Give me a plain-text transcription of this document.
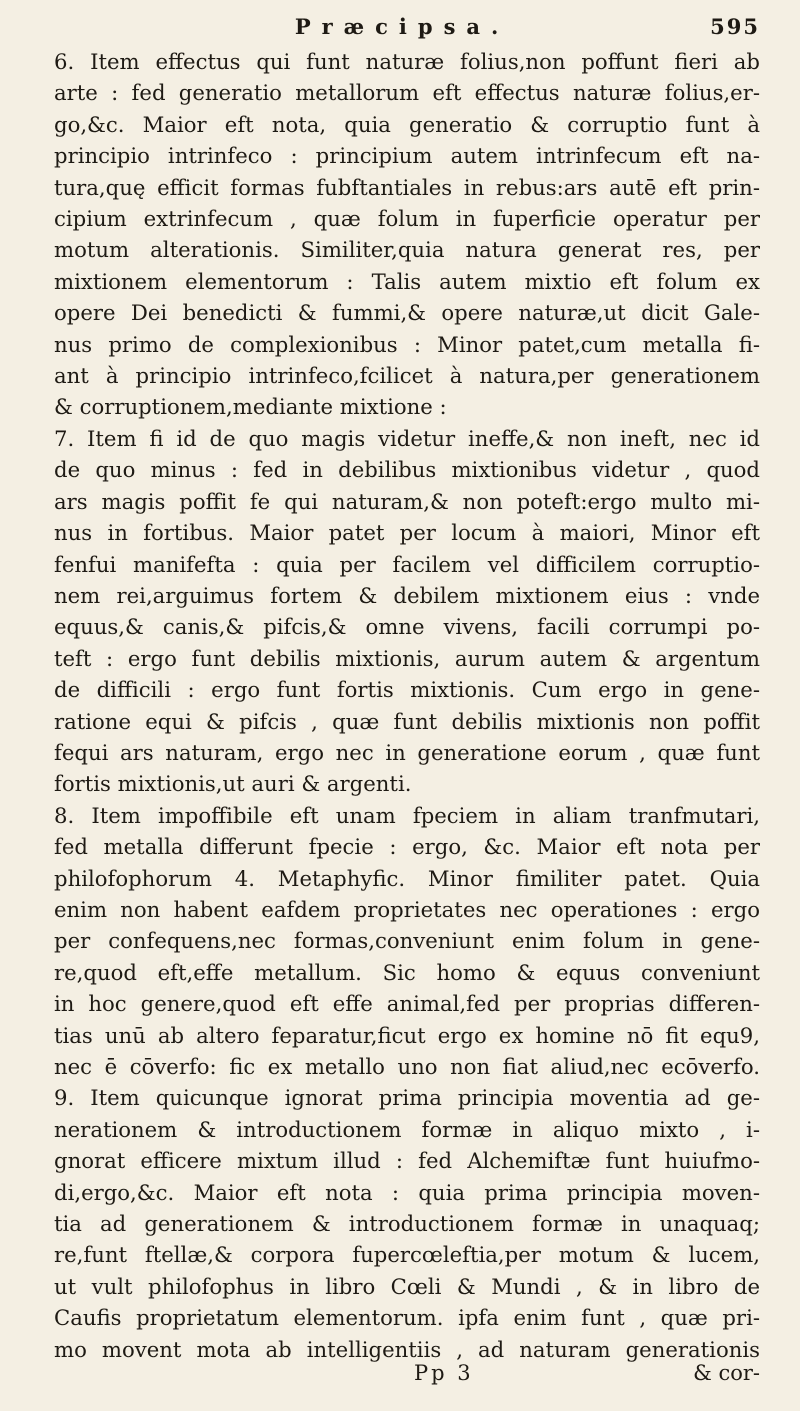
Præcipsa.	595
6. Item effectus qui funt naturæ folius,non poffunt fieri ab
arte : fed generatio metallorum eft effectus naturæ folius,er-
go,&c. Maior eft nota, quia generatio & corruptio funt à
principio intrinfeco : principium autem intrinfecum eft na-
tura,quę efficit formas fubftantiales in rebus:ars autē eft prin-
cipium extrinfecum , quæ folum in fuperficie operatur per
motum alterationis. Similiter,quia natura generat res, per
mixtionem elementorum : Talis autem mixtio eft folum ex
opere Dei benedicti & fummi,& opere naturæ,ut dicit Gale-
nus primo de complexionibus : Minor patet,cum metalla fi-
ant à principio intrinfeco,fcilicet à natura,per generationem
& corruptionem,mediante mixtione :
7. Item fi id de quo magis videtur ineffe,& non ineft, nec id
de quo minus : fed in debilibus mixtionibus videtur , quod
ars magis poffit fe qui naturam,& non poteft:ergo multo mi-
nus in fortibus. Maior patet per locum à maiori, Minor eft
fenfui manifefta : quia per facilem vel difficilem corruptio-
nem rei,arguimus fortem & debilem mixtionem eius : vnde
equus,& canis,& pifcis,& omne vivens, facili corrumpi po-
teft : ergo funt debilis mixtionis, aurum autem & argentum
de difficili : ergo funt fortis mixtionis. Cum ergo in gene-
ratione equi & pifcis , quæ funt debilis mixtionis non poffit
fequi ars naturam, ergo nec in generatione eorum , quæ funt
fortis mixtionis,ut auri & argenti.
8. Item impoffibile eft unam fpeciem in aliam tranfmutari,
fed metalla differunt fpecie : ergo, &c. Maior eft nota per
philofophorum 4. Metaphyfic. Minor fimiliter patet. Quia
enim non habent eafdem proprietates nec operationes : ergo
per confequens,nec formas,conveniunt enim folum in gene-
re,quod eft,effe metallum. Sic homo & equus conveniunt
in hoc genere,quod eft effe animal,fed per proprias differen-
tias unū ab altero feparatur,ficut ergo ex homine nō fit equ9,
nec ē cōverfo: fic ex metallo uno non fiat aliud,nec ecōverfo.
9. Item quicunque ignorat prima principia moventia ad ge-
nerationem & introductionem formæ in aliquo mixto , i-
gnorat efficere mixtum illud : fed Alchemiftæ funt huiufmo-
di,ergo,&c. Maior eft nota : quia prima principia moven-
tia ad generationem & introductionem formæ in unaquaq;
re,funt ftellæ,& corpora fupercœleftia,per motum & lucem,
ut vult philofophus in libro Cœli & Mundi , & in libro de
Caufis proprietatum elementorum. ipfa enim funt , quæ pri-
mo movent mota ab intelligentiis , ad naturam generationis
Pp 3	& cor-
